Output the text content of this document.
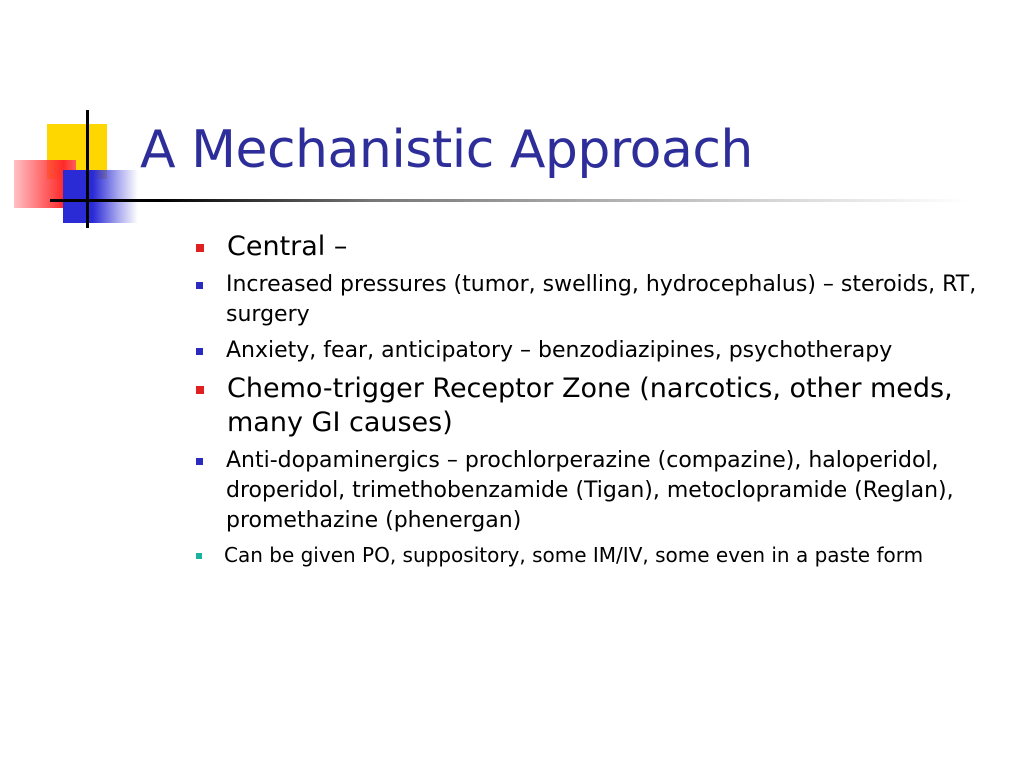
A Mechanistic Approach
Central –
Increased pressures (tumor, swelling, hydrocephalus) – steroids, RT, surgery
Anxiety, fear, anticipatory – benzodiazipines, psychotherapy
Chemo-trigger Receptor Zone (narcotics, other meds, many GI causes)
Anti-dopaminergics – prochlorperazine (compazine), haloperidol, droperidol, trimethobenzamide (Tigan), metoclopramide (Reglan), promethazine (phenergan)
Can be given PO, suppository, some IM/IV, some even in a paste form
